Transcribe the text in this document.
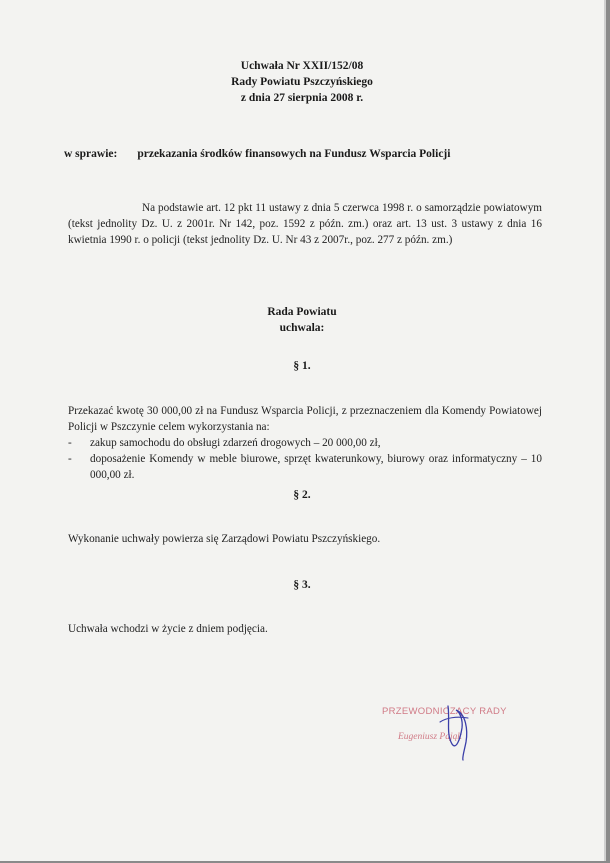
Uchwała Nr XXII/152/08
Rady Powiatu Pszczyńskiego
z dnia 27 sierpnia 2008 r.
w sprawie: przekazania środków finansowych na Fundusz Wsparcia Policji

Na podstawie art. 12 pkt 11 ustawy z dnia 5 czerwca 1998 r. o samorządzie powiatowym (tekst jednolity Dz. U. z 2001r. Nr 142, poz. 1592 z późn. zm.) oraz art. 13 ust. 3 ustawy z dnia 16 kwietnia 1990 r. o policji (tekst jednolity Dz. U. Nr 43 z 2007r., poz. 277 z późn. zm.)

Rada Powiatu
uchwala:
§ 1.

Przekazać kwotę 30 000,00 zł na Fundusz Wsparcia Policji, z przeznaczeniem dla Komendy Powiatowej Policji w Pszczynie celem wykorzystania na:

- zakup samochodu do obsługi zdarzeń drogowych – 20 000,00 zł,
- doposażenie Komendy w meble biurowe, sprzęt kwaterunkowy, biurowy oraz informatyczny – 10 000,00 zł.
§ 2.

Wykonanie uchwały powierza się Zarządowi Powiatu Pszczyńskiego.

§ 3.

Uchwała wchodzi w życie z dniem podjęcia.

PRZEWODNICZĄCY RADY
Eugeniusz Pająk
